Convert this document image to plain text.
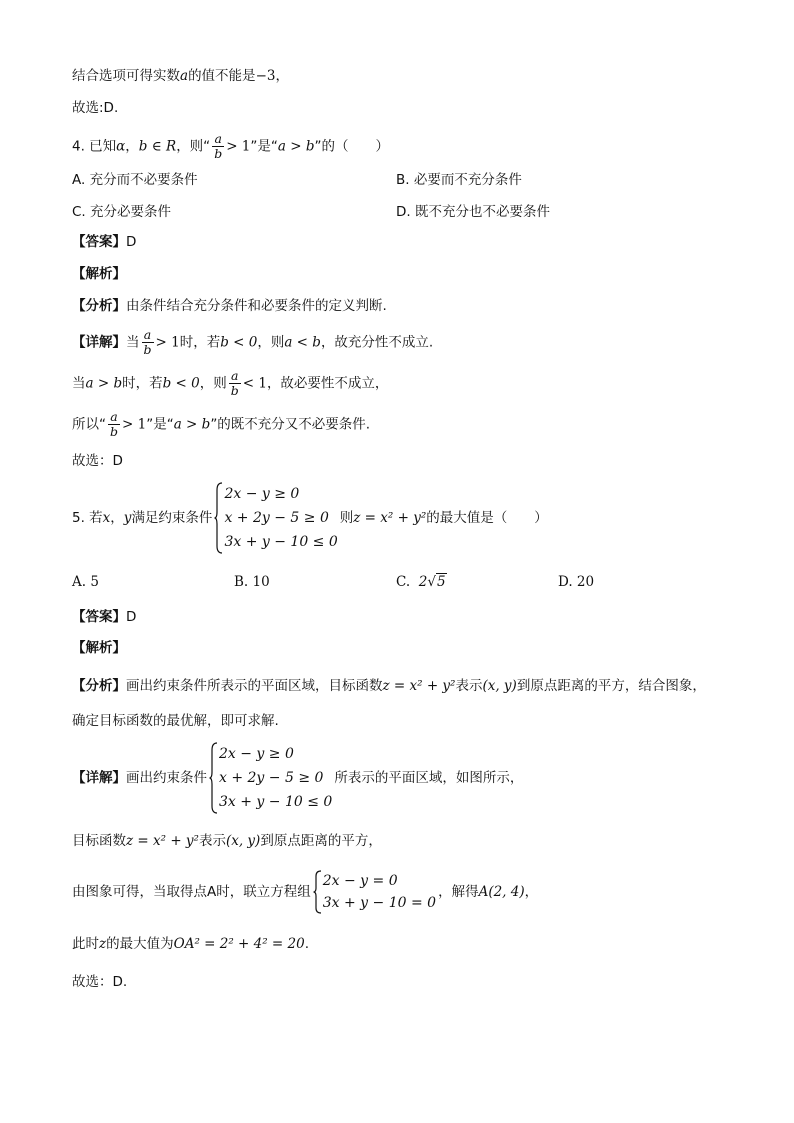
结合选项可得实数a的值不能是−3，
故选:D.
4. 已知α，b ∈ R，则“ $\frac{a}{b} > 1$”是“a > b”的（　　）
A. 充分而不必要条件	B. 必要而不充分条件
C. 充分必要条件	D. 既不充分也不必要条件
【答案】D
【解析】
【分析】由条件结合充分条件和必要条件的定义判断.
【详解】当 $\frac{a}{b} > 1$时，若b < 0，则a < b，故充分性不成立.
当a > b时，若b < 0，则 $\frac{a}{b} < 1$，故必要性不成立，
所以“ $\frac{a}{b} > 1$”是“a > b”的既不充分又不必要条件.
故选：D
5. 若x，y满足约束条件
2x − y ≥ 0
x + 2y − 5 ≥ 0
3x + y − 10 ≤ 0
则z = x² + y²的最大值是（　　）
A. 5	B. 10	C. 2√5	D. 20
【答案】D
【解析】
【分析】画出约束条件所表示的平面区域，目标函数z = x² + y²表示(x, y)到原点距离的平方，结合图象，
确定目标函数的最优解，即可求解.
【详解】画出约束条件
2x − y ≥ 0
x + 2y − 5 ≥ 0
3x + y − 10 ≤ 0
所表示的平面区域，如图所示，
目标函数z = x² + y²表示(x, y)到原点距离的平方，
由图象可得，当取得点A时，联立方程组
2x − y = 0
3x + y − 10 = 0
，解得A(2, 4)，
此时z的最大值为OA² = 2² + 4² = 20.
故选：D.
